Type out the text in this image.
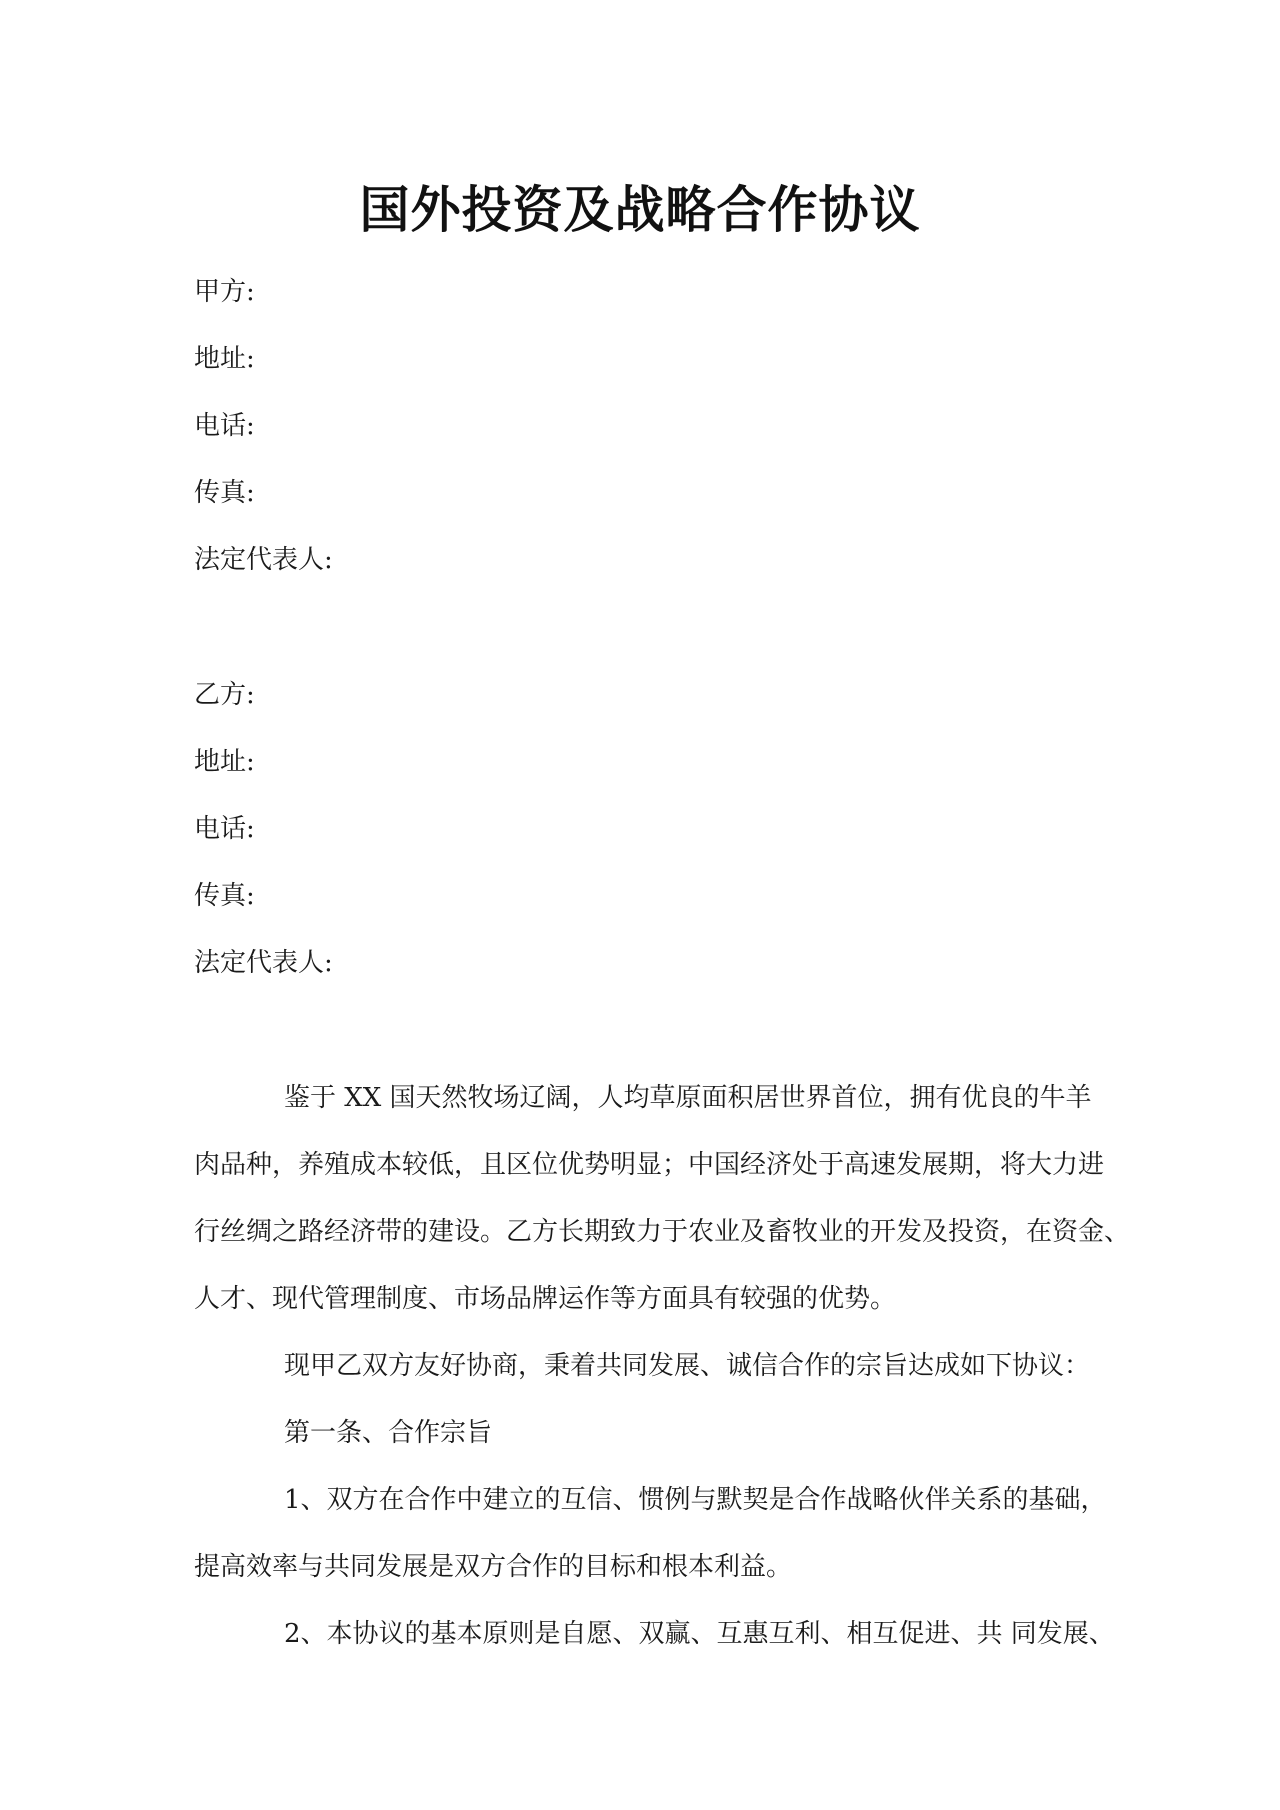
国外投资及战略合作协议
甲方:
地址:
电话:
传真:
法定代表人:
乙方:
地址:
电话:
传真:
法定代表人:
鉴于 XX 国天然牧场辽阔，人均草原面积居世界首位，拥有优良的牛羊
肉品种，养殖成本较低，且区位优势明显；中国经济处于高速发展期，将大力进
行丝绸之路经济带的建设。乙方长期致力于农业及畜牧业的开发及投资，在资金、
人才、现代管理制度、市场品牌运作等方面具有较强的优势。
现甲乙双方友好协商，秉着共同发展、诚信合作的宗旨达成如下协议：
第一条、合作宗旨
1、双方在合作中建立的互信、惯例与默契是合作战略伙伴关系的基础，
提高效率与共同发展是双方合作的目标和根本利益。
2、本协议的基本原则是自愿、双赢、互惠互利、相互促进、共 同发展、
